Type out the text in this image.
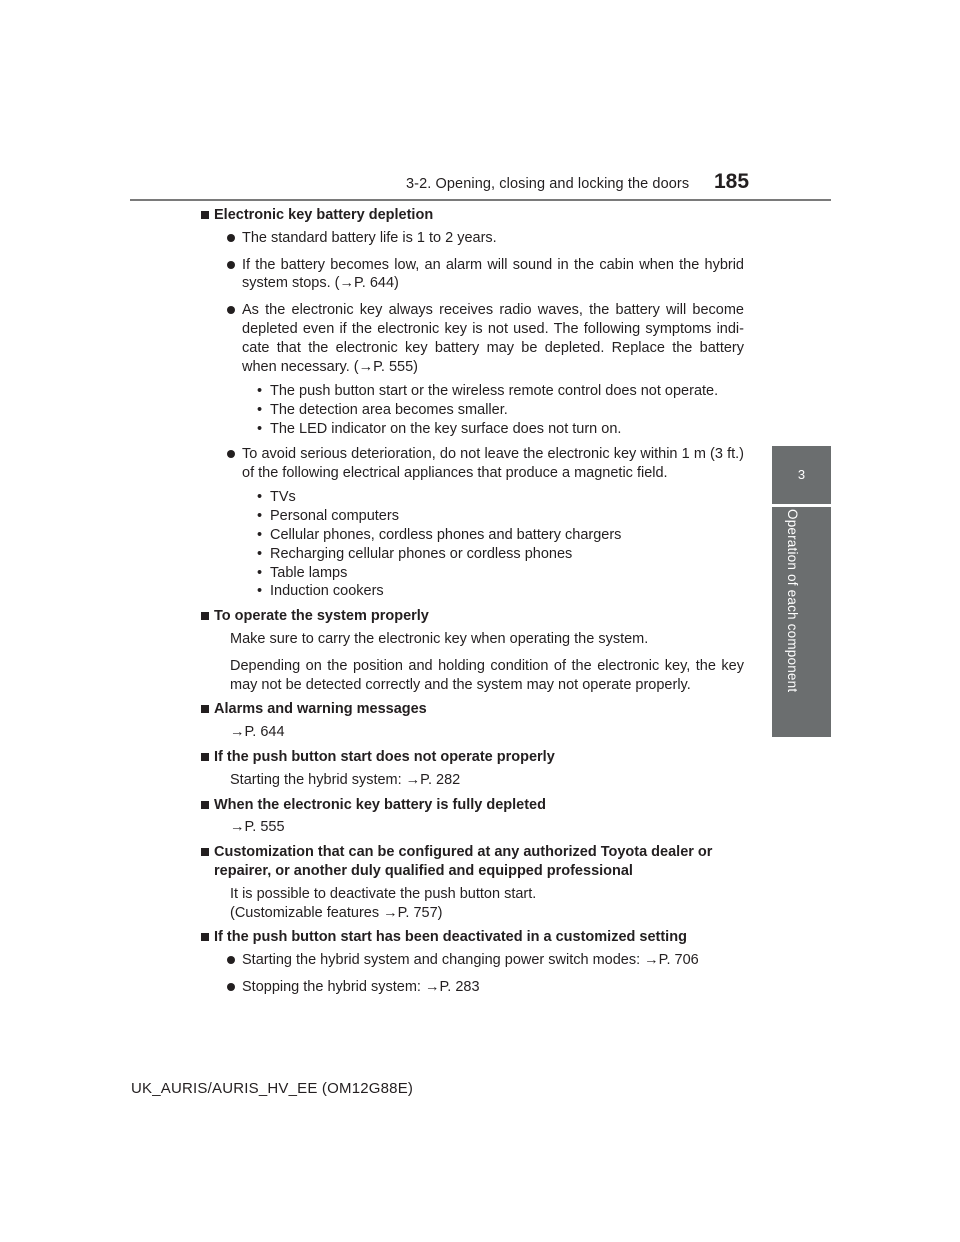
3-2. Opening, closing and locking the doors 185
3
Operation of each component
Electronic key battery depletion

The standard battery life is 1 to 2 years.

If the battery becomes low, an alarm will sound in the cabin when the hybrid system stops. (→P. 644)

As the electronic key always receives radio waves, the battery will become depleted even if the electronic key is not used. The following symptoms indi-cate that the electronic key battery may be depleted. Replace the battery when necessary. (→P. 555)

• The push button start or the wireless remote control does not operate.
• The detection area becomes smaller.
• The LED indicator on the key surface does not turn on.

To avoid serious deterioration, do not leave the electronic key within 1 m (3 ft.) of the following electrical appliances that produce a magnetic field.

• TVs
• Personal computers
• Cellular phones, cordless phones and battery chargers
• Recharging cellular phones or cordless phones
• Table lamps
• Induction cookers
To operate the system properly

Make sure to carry the electronic key when operating the system.

Depending on the position and holding condition of the electronic key, the key may not be detected correctly and the system may not operate properly.

Alarms and warning messages

→P. 644

If the push button start does not operate properly

Starting the hybrid system: →P. 282

When the electronic key battery is fully depleted

→P. 555

Customization that can be configured at any authorized Toyota dealer or repairer, or another duly qualified and equipped professional

It is possible to deactivate the push button start.
(Customizable features →P. 757)

If the push button start has been deactivated in a customized setting

Starting the hybrid system and changing power switch modes: →P. 706

Stopping the hybrid system: →P. 283

UK_AURIS/AURIS_HV_EE (OM12G88E)
